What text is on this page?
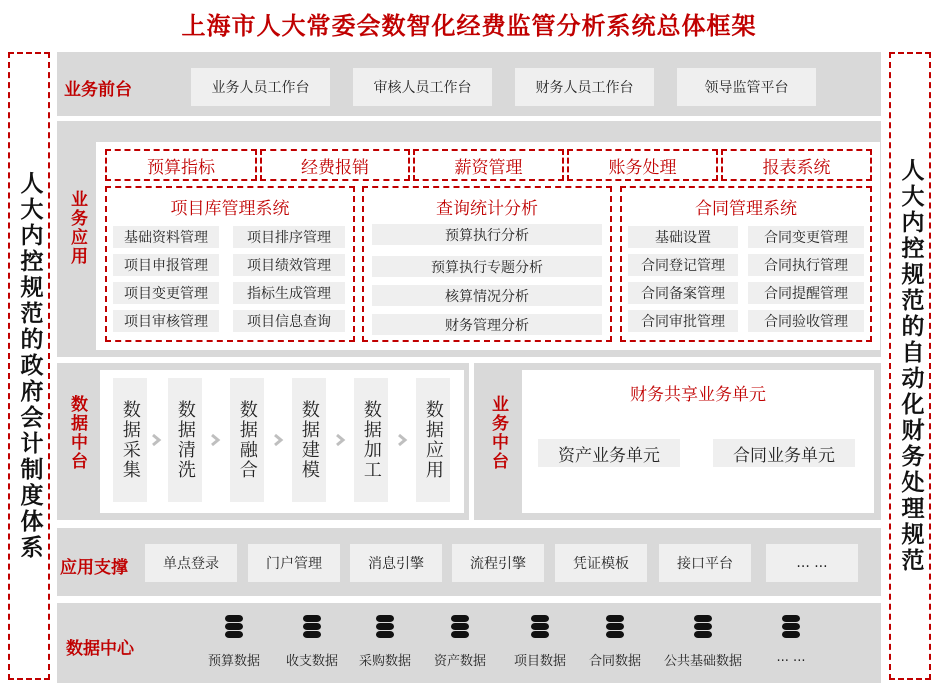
上海市人大常委会数智化经费监管分析系统总体框架
人大内控规范的政府会计制度体系	人大内控规范的自动化财务处理规范
业务前台	业务人员工作台	审核人员工作台	财务人员工作台	领导监管平台
业务应用
预算指标	经费报销	薪资管理	账务处理	报表系统
项目库管理系统
基础资料管理	项目排序管理
项目申报管理	项目绩效管理
项目变更管理	指标生成管理
项目审核管理	项目信息查询
查询统计分析
预算执行分析
预算执行专题分析
核算情况分析
财务管理分析
合同管理系统
基础设置	合同变更管理
合同登记管理	合同执行管理
合同备案管理	合同提醒管理
合同审批管理	合同验收管理
数据中台 数据采集 数据清洗 数据融合 数据建模 数据加工 数据应用	业务中台	财务共享业务单元
资产业务单元	合同业务单元
应用支撑	单点登录	门户管理	消息引擎	流程引擎	凭证模板	接口平台	... ...
数据中心
预算数据	收支数据	采购数据	资产数据	项目数据	合同数据	公共基础数据	... ...
